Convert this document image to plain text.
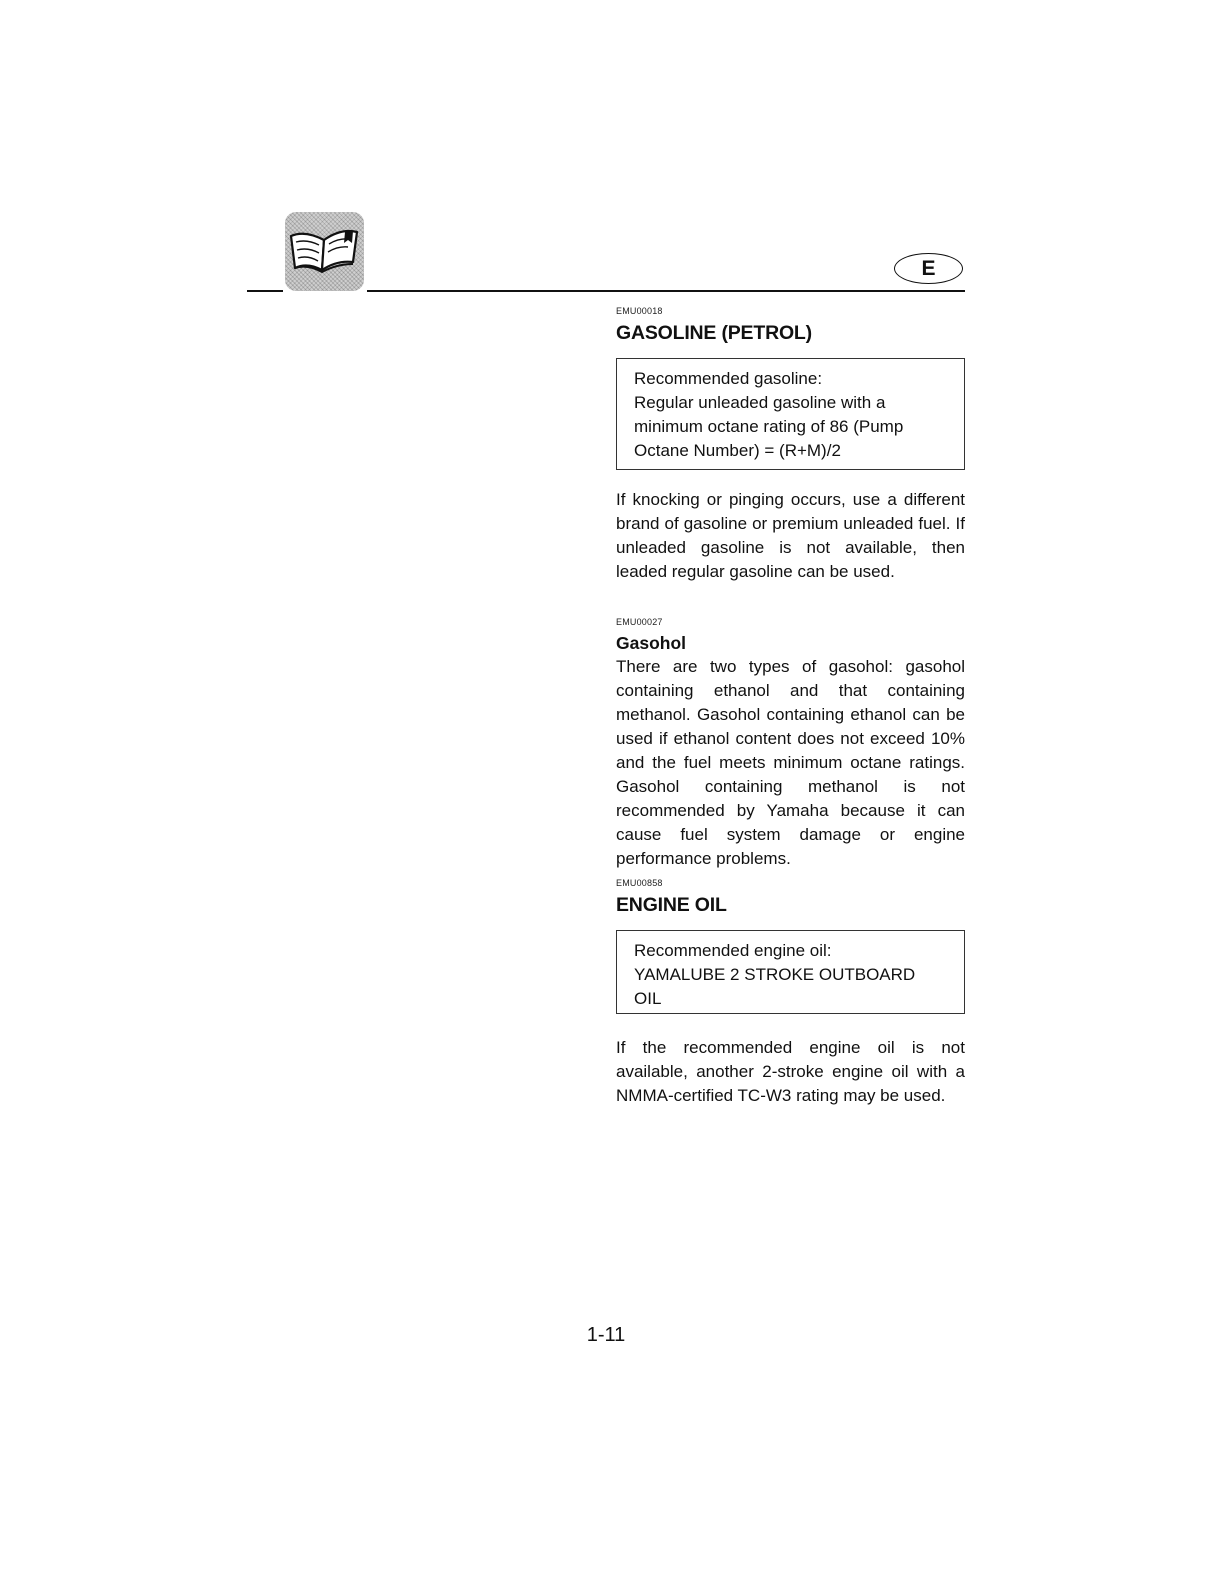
E
EMU00018
GASOLINE (PETROL)
Recommended gasoline:
Regular unleaded gasoline with a
minimum octane rating of 86 (Pump
Octane Number) = (R+M)/2
If knocking or pinging occurs, use a different brand of gasoline or premium unleaded fuel. If unleaded gasoline is not available, then leaded regular gasoline can be used.
EMU00027
Gasohol
There are two types of gasohol: gasohol containing ethanol and that containing methanol. Gasohol containing ethanol can be used if ethanol content does not exceed 10% and the fuel meets minimum octane ratings. Gasohol containing methanol is not recommended by Yamaha because it can cause fuel system damage or engine performance problems.
EMU00858
ENGINE OIL
Recommended engine oil:
YAMALUBE 2 STROKE OUTBOARD
OIL
If the recommended engine oil is not available, another 2-stroke engine oil with a NMMA-certified TC-W3 rating may be used.
1-11
